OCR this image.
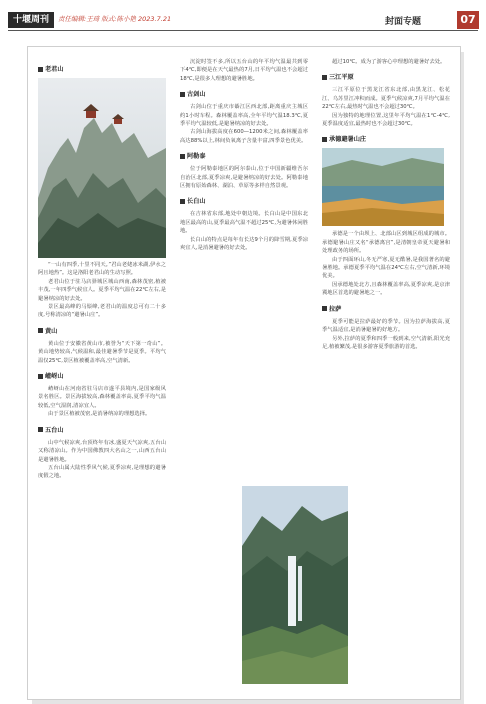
十堰周刊	责任编辑:王琦 版式:陈小艳 2023.7.21	封面专题	07
老君山

“一山有四季,十里不同天。”君山老姥冰米湖,伊水之阿且地热”。这是洛阳老君山的生动写照。

老君山位于驻马店驿城区城山西南,森林茂密,植被丰茂,一年四季气候宜人。夏季平均气温在22℃左右,是避暑纳凉的好去处。

景区最高峰的马鬃峰,老君山的温度总可有二十多度,号称清凉的“避暑山庄”。

黄山

黄山位于安徽省黄山市,被誉为“天下第一奇山”。黄山地势较高,气候温和,最佳避暑季节是夏季。平均气温仅25℃,景区植被覆盖率高,空气清新。

嵖岈山

嵖岈山在河南省驻马店市遂平县境内,是国家级风景名胜区。景区海拔较高,森林覆盖率高,夏季平均气温较低,空气湿润,清凉宜人。

由于景区植被茂密,是消暑纳凉的理想选择。

五台山

山中气候凉爽,台顶终年有冰,盛夏天气凉爽,五台山又称清凉山。作为中国佛教四大名山之一,山西五台山是避暑胜地。

五台山属大陆性季风气候,夏季凉爽,是理想的避暑度假之地。

沉淀时签不多,所以五台山的年平均气温最共到零下4℃,即便是在天气最热的7月,日平均气温也不会超过18℃,是很多人理想的避暑胜地。

古剑山

古剑山位于重庆市綦江区西北部,距离重庆主城区约1小时车程。森林覆盖率高,全年平均气温18.3℃,夏季平均气温较低,是避暑纳凉的好去处。

古剑山海拔高度在600—1200米之间,森林覆盖率高达88%以上,林间负氧离子含量丰富,四季景色优美。

阿勒泰

位于阿勒泰地区的阿尔泰山,位于中国新疆维吾尔自治区北部,夏季凉爽,是避暑纳凉的好去处。阿勒泰地区拥有原始森林、湖泊、草原等多样自然景观。

长白山

在吉林省东部,地处中朝边境。长白山是中国东北地区最高的山,夏季最高气温不超过25℃,为避暑休闲胜地。

长白山的特点是每年有长达9个月的降雪期,夏季凉爽宜人,是消暑避暑的好去处。

超过10℃。成为了游客心中理想的避暑好去处。

三江平原

三江平原位于黑龙江省东北部,由黑龙江、松花江、乌苏里江冲积而成。夏季气候凉爽,7月平均气温在22℃左右,最热时气温也不会超过30℃。

因为独特的地理位置,这里年平均气温在1℃-4℃,夏季温度适宜,最热时也不会超过30℃。

承德避暑山庄

承德是一个由坝上、北部山区到城区组成的城市。承德避暑山庄又名“承德离宫”,是清朝皇帝夏天避暑和处理政务的场所。

由于四面环山,冬无严寒,夏无酷暑,是我国著名的避暑胜地。承德夏季平均气温在24℃左右,空气清新,环境优美。

因承德地处北方,且森林覆盖率高,夏季凉爽,是京津冀地区首选的避暑地之一。

拉萨

夏季可能是拉萨最好的季节。因为拉萨海拔高,夏季气温适宜,是消暑避暑的好地方。

另外,拉萨的夏季和四季一般到来,空气清新,阳光充足,植被繁茂,是很多游客夏季旅游的首选。
